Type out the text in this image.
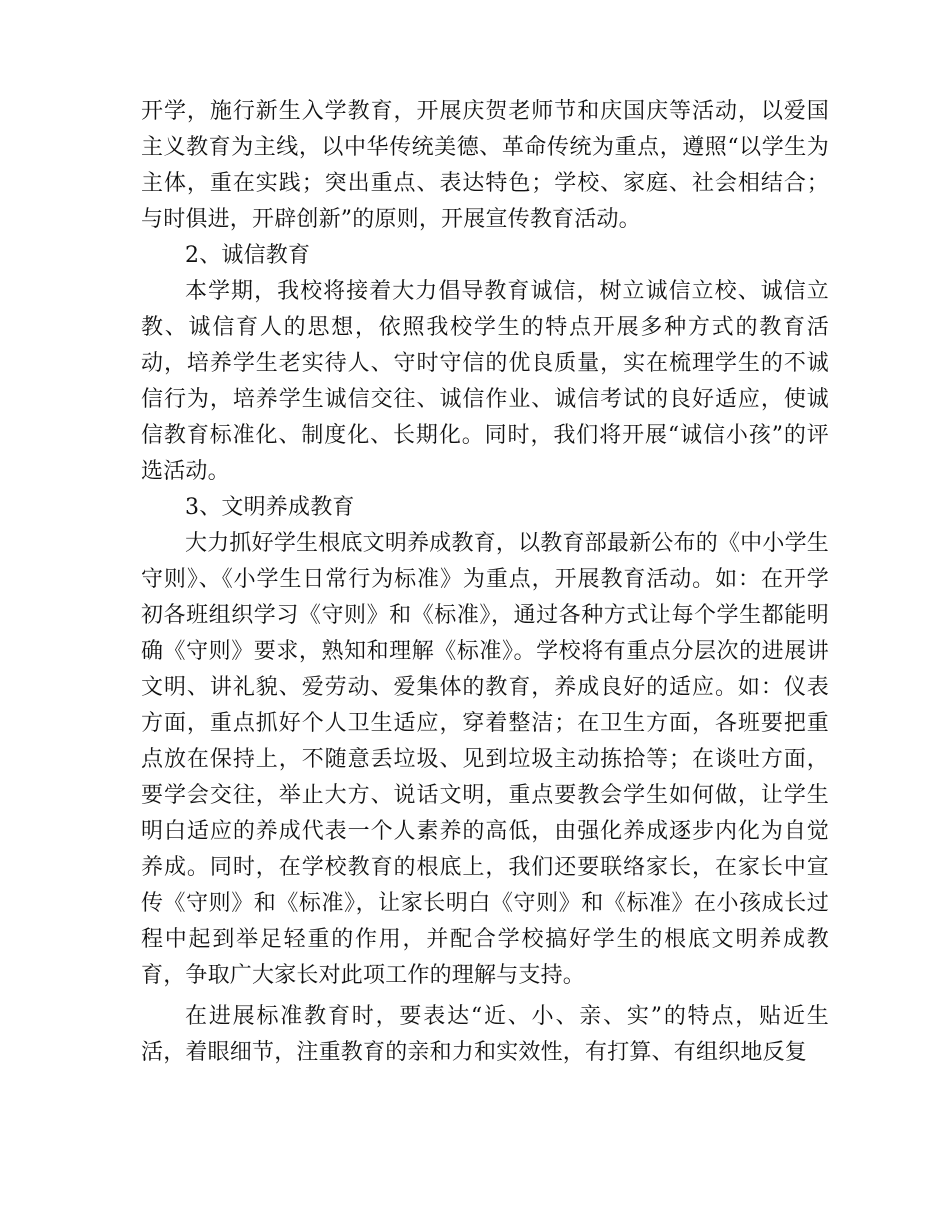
开学，施行新生入学教育，开展庆贺老师节和庆国庆等活动，以爱国主义教育为主线，以中华传统美德、革命传统为重点，遵照“以学生为主体，重在实践；突出重点、表达特色；学校、家庭、社会相结合；与时俱进，开辟创新”的原则，开展宣传教育活动。

2、诚信教育

本学期，我校将接着大力倡导教育诚信，树立诚信立校、诚信立教、诚信育人的思想，依照我校学生的特点开展多种方式的教育活动，培养学生老实待人、守时守信的优良质量，实在梳理学生的不诚信行为，培养学生诚信交往、诚信作业、诚信考试的良好适应，使诚信教育标准化、制度化、长期化。同时，我们将开展“诚信小孩”的评选活动。

3、文明养成教育

大力抓好学生根底文明养成教育，以教育部最新公布的《中小学生守则》、《小学生日常行为标准》为重点，开展教育活动。如：在开学初各班组织学习《守则》和《标准》，通过各种方式让每个学生都能明确《守则》要求，熟知和理解《标准》。学校将有重点分层次的进展讲文明、讲礼貌、爱劳动、爱集体的教育，养成良好的适应。如：仪表方面，重点抓好个人卫生适应，穿着整洁；在卫生方面，各班要把重点放在保持上，不随意丢垃圾、见到垃圾主动拣拾等；在谈吐方面，要学会交往，举止大方、说话文明，重点要教会学生如何做，让学生明白适应的养成代表一个人素养的高低，由强化养成逐步内化为自觉养成。同时，在学校教育的根底上，我们还要联络家长，在家长中宣传《守则》和《标准》，让家长明白《守则》和《标准》在小孩成长过程中起到举足轻重的作用，并配合学校搞好学生的根底文明养成教育，争取广大家长对此项工作的理解与支持。

在进展标准教育时，要表达“近、小、亲、实”的特点，贴近生活，着眼细节，注重教育的亲和力和实效性，有打算、有组织地反复
